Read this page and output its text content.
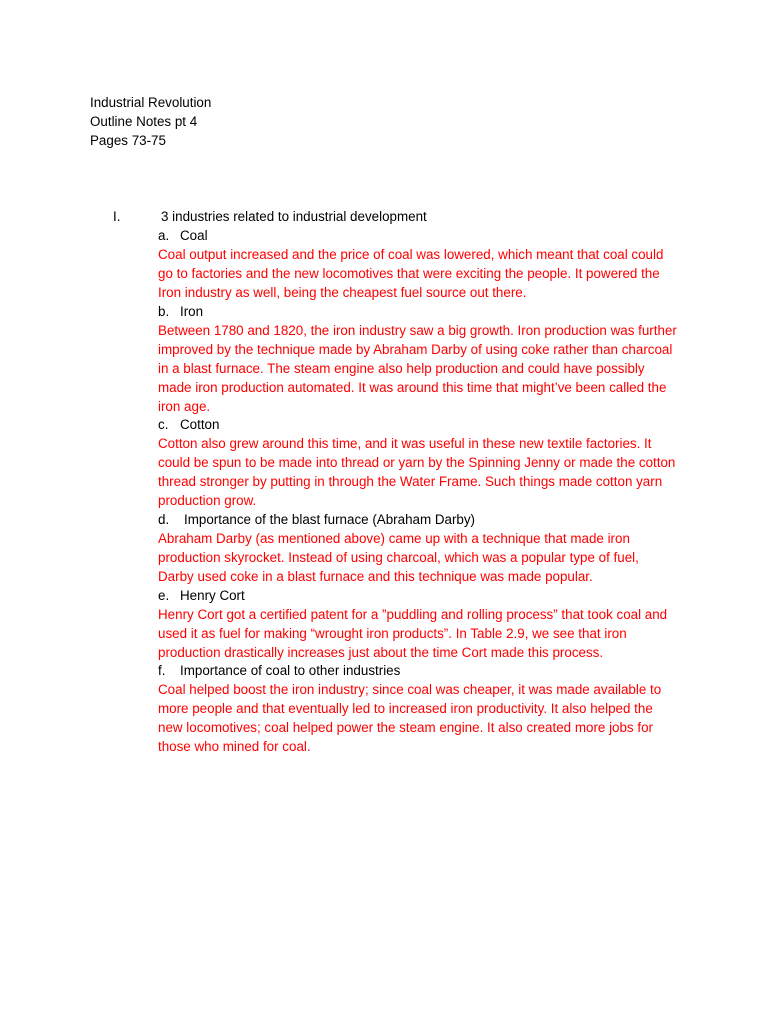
Industrial Revolution
Outline Notes pt 4
Pages 73-75
I.	3 industries related to industrial development
a. Coal
Coal output increased and the price of coal was lowered, which meant that coal could go to factories and the new locomotives that were exciting the people. It powered the Iron industry as well, being the cheapest fuel source out there.
b. Iron
Between 1780 and 1820, the iron industry saw a big growth. Iron production was further improved by the technique made by Abraham Darby of using coke rather than charcoal in a blast furnace. The steam engine also help production and could have possibly made iron production automated. It was around this time that might’ve been called the iron age.
c. Cotton
Cotton also grew around this time, and it was useful in these new textile factories. It could be spun to be made into thread or yarn by the Spinning Jenny or made the cotton thread stronger by putting in through the Water Frame. Such things made cotton yarn production grow.
d. Importance of the blast furnace (Abraham Darby)
Abraham Darby (as mentioned above) came up with a technique that made iron production skyrocket. Instead of using charcoal, which was a popular type of fuel, Darby used coke in a blast furnace and this technique was made popular.
e. Henry Cort
Henry Cort got a certified patent for a ”puddling and rolling process” that took coal and used it as fuel for making “wrought iron products”. In Table 2.9, we see that iron production drastically increases just about the time Cort made this process.
f. Importance of coal to other industries
Coal helped boost the iron industry; since coal was cheaper, it was made available to more people and that eventually led to increased iron productivity. It also helped the new locomotives; coal helped power the steam engine. It also created more jobs for those who mined for coal.
